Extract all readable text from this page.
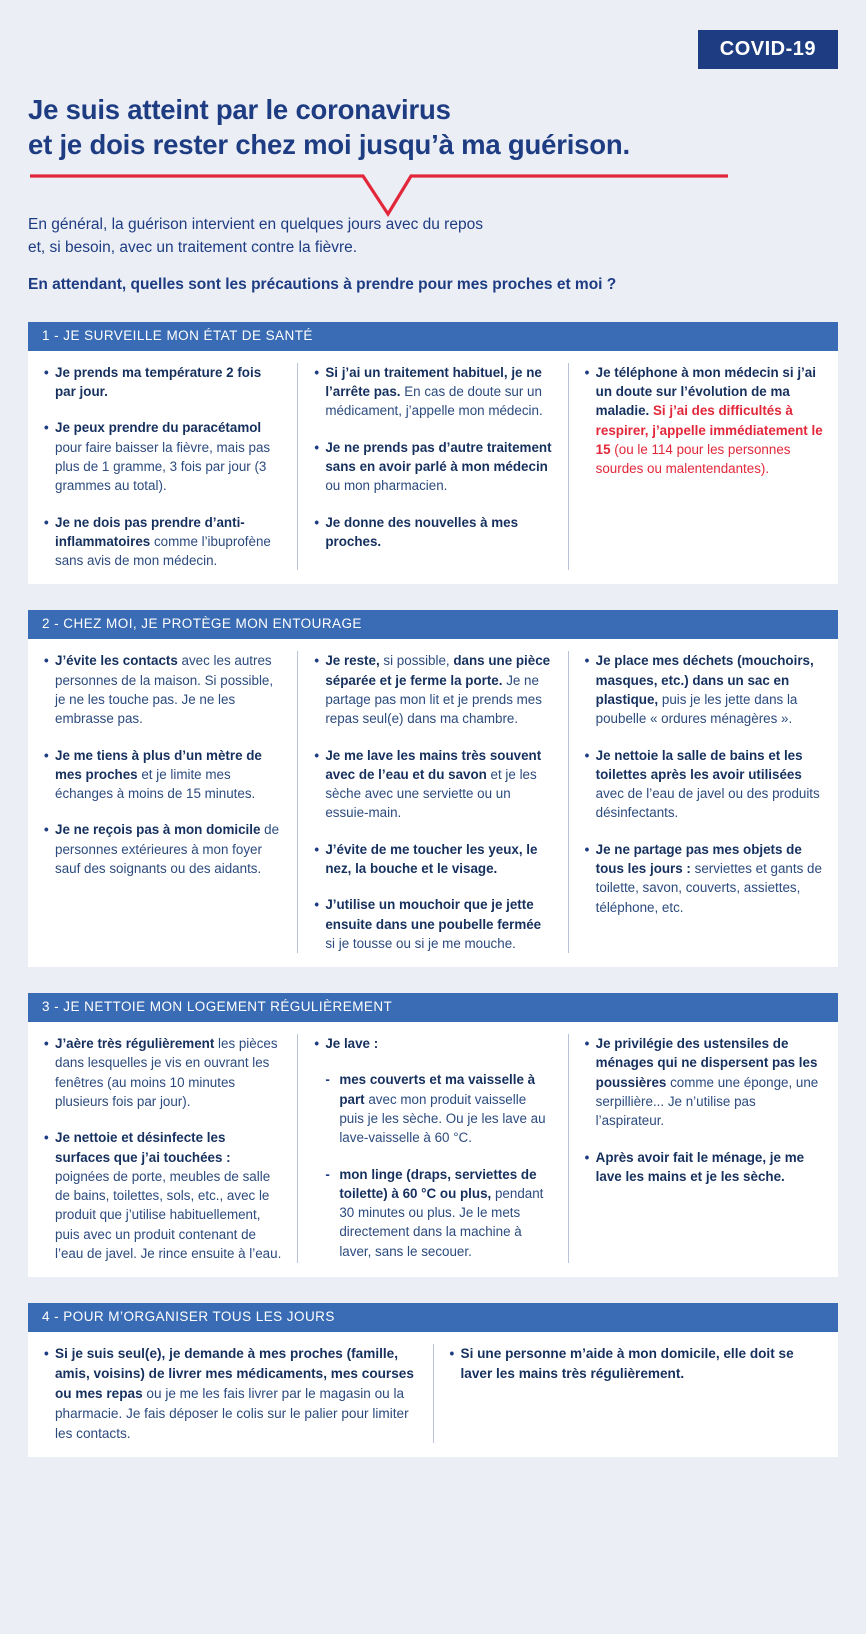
COVID-19
Je suis atteint par le coronavirus
et je dois rester chez moi jusqu’à ma guérison.
En général, la guérison intervient en quelques jours avec du repos
et, si besoin, avec un traitement contre la fièvre.
En attendant, quelles sont les précautions à prendre pour mes proches et moi ?
1 - JE SURVEILLE MON ÉTAT DE SANTÉ
• Je prends ma température 2 fois par jour.
• Je peux prendre du paracétamol pour faire baisser la fièvre, mais pas plus de 1 gramme, 3 fois par jour (3 grammes au total).
• Je ne dois pas prendre d’anti-inflammatoires comme l’ibuprofène sans avis de mon médecin.
• Si j’ai un traitement habituel, je ne l’arrête pas. En cas de doute sur un médicament, j’appelle mon médecin.
• Je ne prends pas d’autre traitement sans en avoir parlé à mon médecin ou mon pharmacien.
• Je donne des nouvelles à mes proches.
• Je téléphone à mon médecin si j’ai un doute sur l’évolution de ma maladie. Si j’ai des difficultés à respirer, j’appelle immédiatement le 15 (ou le 114 pour les personnes sourdes ou malentendantes).
2 - CHEZ MOI, JE PROTÈGE MON ENTOURAGE
• J’évite les contacts avec les autres personnes de la maison. Si possible, je ne les touche pas. Je ne les embrasse pas.
• Je me tiens à plus d’un mètre de mes proches et je limite mes échanges à moins de 15 minutes.
• Je ne reçois pas à mon domicile de personnes extérieures à mon foyer sauf des soignants ou des aidants.
• Je reste, si possible, dans une pièce séparée et je ferme la porte. Je ne partage pas mon lit et je prends mes repas seul(e) dans ma chambre.
• Je me lave les mains très souvent avec de l’eau et du savon et je les sèche avec une serviette ou un essuie-main.
• J’évite de me toucher les yeux, le nez, la bouche et le visage.
• J’utilise un mouchoir que je jette ensuite dans une poubelle fermée si je tousse ou si je me mouche.
• Je place mes déchets (mouchoirs, masques, etc.) dans un sac en plastique, puis je les jette dans la poubelle « ordures ménagères ».
• Je nettoie la salle de bains et les toilettes après les avoir utilisées avec de l’eau de javel ou des produits désinfectants.
• Je ne partage pas mes objets de tous les jours : serviettes et gants de toilette, savon, couverts, assiettes, téléphone, etc.
3 - JE NETTOIE MON LOGEMENT RÉGULIÈREMENT
• J’aère très régulièrement les pièces dans lesquelles je vis en ouvrant les fenêtres (au moins 10 minutes plusieurs fois par jour).
• Je nettoie et désinfecte les surfaces que j’ai touchées : poignées de porte, meubles de salle de bains, toilettes, sols, etc., avec le produit que j’utilise habituellement, puis avec un produit contenant de l’eau de javel. Je rince ensuite à l’eau.
• Je lave :
- mes couverts et ma vaisselle à part avec mon produit vaisselle puis je les sèche. Ou je les lave au lave-vaisselle à 60 °C.
- mon linge (draps, serviettes de toilette) à 60 °C ou plus, pendant 30 minutes ou plus. Je le mets directement dans la machine à laver, sans le secouer.
• Je privilégie des ustensiles de ménages qui ne dispersent pas les poussières comme une éponge, une serpillière... Je n’utilise pas l’aspirateur.
• Après avoir fait le ménage, je me lave les mains et je les sèche.
4 - POUR M’ORGANISER TOUS LES JOURS
• Si je suis seul(e), je demande à mes proches (famille, amis, voisins) de livrer mes médicaments, mes courses ou mes repas ou je me les fais livrer par le magasin ou la pharmacie. Je fais déposer le colis sur le palier pour limiter les contacts.
• Si une personne m’aide à mon domicile, elle doit se laver les mains très régulièrement.
